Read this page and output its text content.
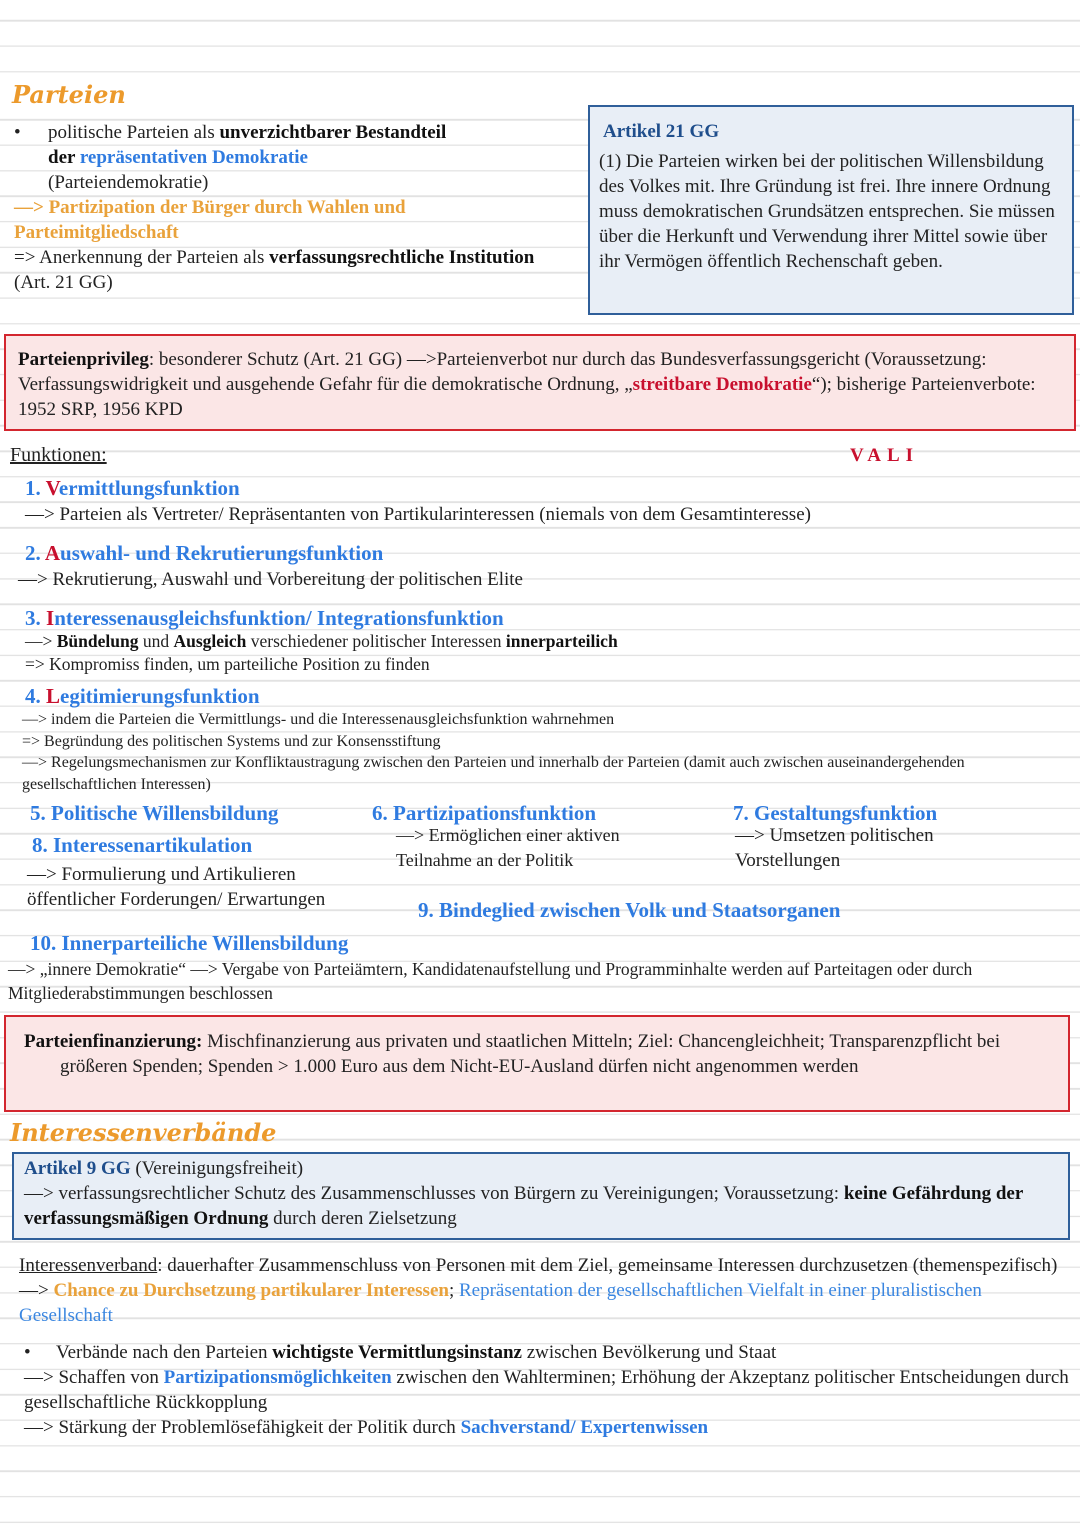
Parteien
• politische Parteien als unverzichtbarer Bestandteil
der repräsentativen Demokratie
(Parteiendemokratie)
—> Partizipation der Bürger durch Wahlen und Parteimitgliedschaft
=> Anerkennung der Parteien als verfassungsrechtliche Institution (Art. 21 GG)
Artikel 21 GG
(1) Die Parteien wirken bei der politischen Willensbildung des Volkes mit. Ihre Gründung ist frei. Ihre innere Ordnung muss demokratischen Grundsätzen entsprechen. Sie müssen über die Herkunft und Verwendung ihrer Mittel sowie über ihr Vermögen öffentlich Rechenschaft geben.
Parteienprivileg: besonderer Schutz (Art. 21 GG) —>Parteienverbot nur durch das Bundesverfassungsgericht (Voraussetzung: Verfassungswidrigkeit und ausgehende Gefahr für die demokratische Ordnung, „streitbare Demokratie“); bisherige Parteienverbote: 1952 SRP, 1956 KPD
Funktionen:	VALI
1. Vermittlungsfunktion
—> Parteien als Vertreter/ Repräsentanten von Partikularinteressen (niemals von dem Gesamtinteresse)
2. Auswahl- und Rekrutierungsfunktion
—> Rekrutierung, Auswahl und Vorbereitung der politischen Elite
3. Interessenausgleichsfunktion/ Integrationsfunktion
—> Bündelung und Ausgleich verschiedener politischer Interessen innerparteilich
=> Kompromiss finden, um parteiliche Position zu finden
4. Legitimierungsfunktion
—> indem die Parteien die Vermittlungs- und die Interessenausgleichsfunktion wahrnehmen
=> Begründung des politischen Systems und zur Konsensstiftung
—> Regelungsmechanismen zur Konfliktaustragung zwischen den Parteien und innerhalb der Parteien (damit auch zwischen auseinandergehenden gesellschaftlichen Interessen)
5. Politische Willensbildung
8. Interessenartikulation
—> Formulierung und Artikulieren öffentlicher Forderungen/ Erwartungen
6. Partizipationsfunktion
—> Ermöglichen einer aktiven Teilnahme an der Politik
7. Gestaltungsfunktion
—> Umsetzen politischen Vorstellungen
9. Bindeglied zwischen Volk und Staatsorganen
10. Innerparteiliche Willensbildung
—> „innere Demokratie“ —> Vergabe von Parteiämtern, Kandidatenaufstellung und Programminhalte werden auf Parteitagen oder durch Mitgliederabstimmungen beschlossen
Parteienfinanzierung: Mischfinanzierung aus privaten und staatlichen Mitteln; Ziel: Chancengleichheit; Transparenzpflicht bei größeren Spenden; Spenden > 1.000 Euro aus dem Nicht-EU-Ausland dürfen nicht angenommen werden
Interessenverbände
Artikel 9 GG (Vereinigungsfreiheit)
—> verfassungsrechtlicher Schutz des Zusammenschlusses von Bürgern zu Vereinigungen; Voraussetzung: keine Gefährdung der verfassungsmäßigen Ordnung durch deren Zielsetzung
Interessenverband: dauerhafter Zusammenschluss von Personen mit dem Ziel, gemeinsame Interessen durchzusetzen (themenspezifisch)—> Chance zu Durchsetzung partikularer Interessen; Repräsentation der gesellschaftlichen Vielfalt in einer pluralistischen Gesellschaft
• Verbände nach den Parteien wichtigste Vermittlungsinstanz zwischen Bevölkerung und Staat
—> Schaffen von Partizipationsmöglichkeiten zwischen den Wahlterminen; Erhöhung der Akzeptanz politischer Entscheidungen durch gesellschaftliche Rückkopplung
—> Stärkung der Problemlösefähigkeit der Politik durch Sachverstand/ Expertenwissen
